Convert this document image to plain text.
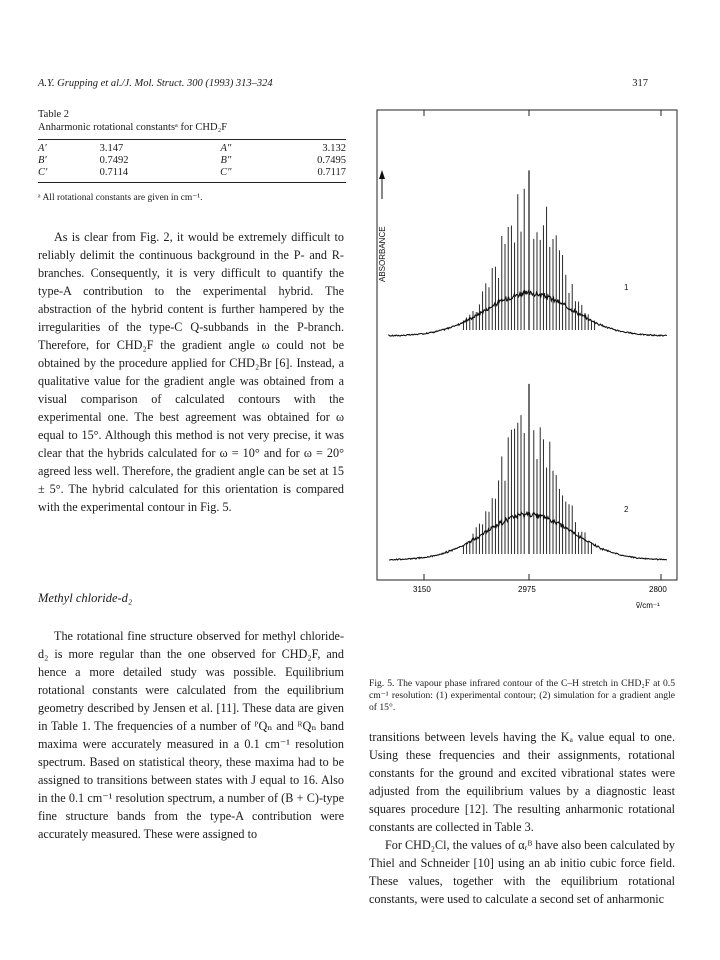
A.Y. Grupping et al./J. Mol. Struct. 300 (1993) 313–324	317
Table 2
Anharmonic rotational constantsᵃ for CHD₂F
A′	3.147	A″	3.132
B′	0.7492	B″	0.7495
C′	0.7114	C″	0.7117
ᵃ All rotational constants are given in cm⁻¹.

As is clear from Fig. 2, it would be extremely difficult to reliably delimit the continuous background in the P- and R-branches. Consequently, it is very difficult to quantify the type-A contribution to the experimental hybrid. The abstraction of the hybrid content is further hampered by the irregularities of the type-C Q-subbands in the P-branch. Therefore, for CHD₂F the gradient angle ω could not be obtained by the procedure applied for CHD₂Br [6]. Instead, a qualitative value for the gradient angle was obtained from a visual comparison of calculated contours with the experimental one. The best agreement was obtained for ω equal to 15°. Although this method is not very precise, it was clear that the hybrids calculated for ω = 10° and for ω = 20° agreed less well. Therefore, the gradient angle can be set at 15 ± 5°. The hybrid calculated for this orientation is compared with the experimental contour in Fig. 5.

Methyl chloride-d₂

The rotational fine structure observed for methyl chloride-d₂ is more regular than the one observed for CHD₂F, and hence a more detailed study was possible. Equilibrium rotational constants were calculated from the equilibrium geometry described by Jensen et al. [11]. These data are given in Table 1. The frequencies of a number of ᴾQₙ and ᴿQₙ band maxima were accurately measured in a 0.1 cm⁻¹ resolution spectrum. Based on statistical theory, these maxima had to be assigned to transitions between states with J equal to 16. Also in the 0.1 cm⁻¹ resolution spectrum, a number of (B + C)-type fine structure bands from the type-A contribution were accurately measured. These were assigned to

ABSORBANCE
1
2
3150	2975	2800
ṽ/cm⁻¹
Fig. 5. The vapour phase infrared contour of the C–H stretch in CHD₂F at 0.5 cm⁻¹ resolution: (1) experimental contour; (2) simulation for a gradient angle of 15°.

transitions between levels having the Kₐ value equal to one. Using these frequencies and their assignments, rotational constants for the ground and excited vibrational states were adjusted from the equilibrium values by a diagnostic least squares procedure [12]. The resulting anharmonic rotational constants are collected in Table 3.

For CHD₂Cl, the values of αᵣᴮ have also been calculated by Thiel and Schneider [10] using an ab initio cubic force field. These values, together with the equilibrium rotational constants, were used to calculate a second set of anharmonic
